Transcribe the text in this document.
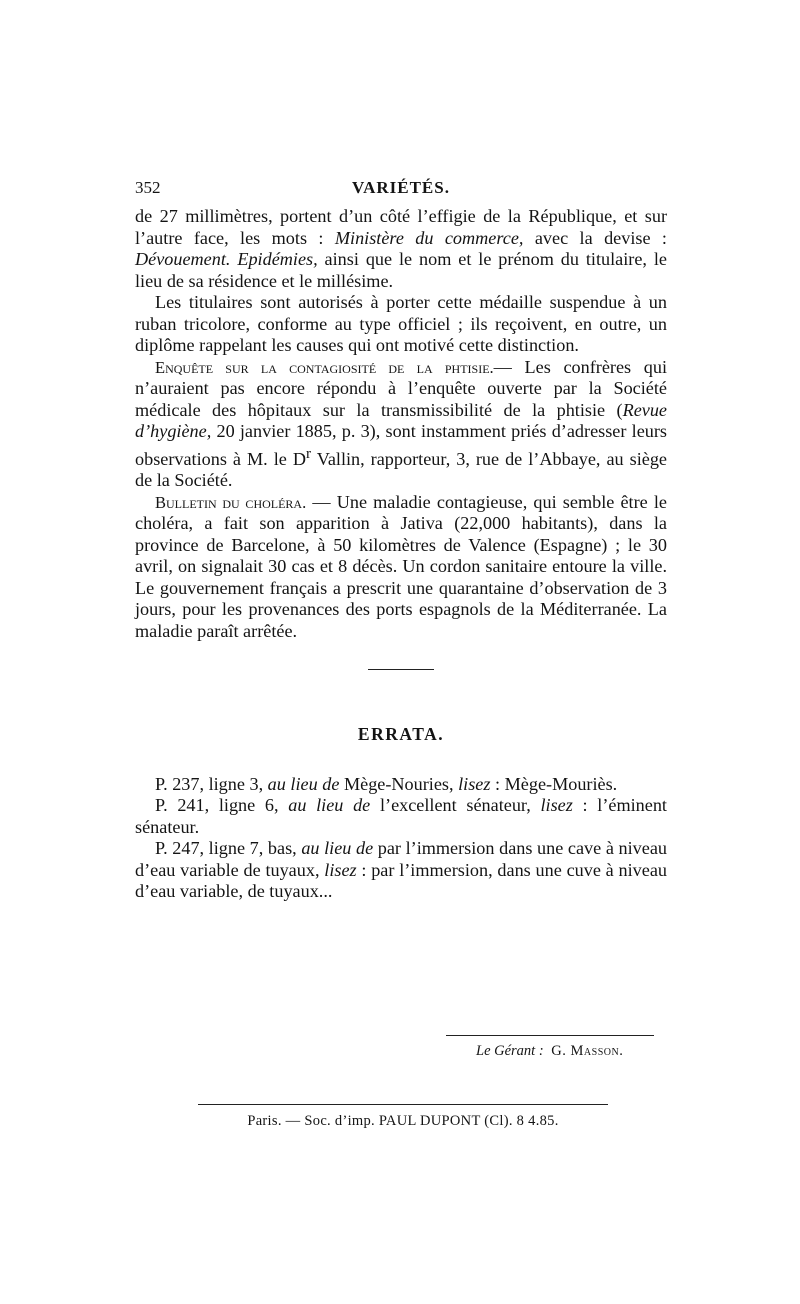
352	VARIÉTÉS.

de 27 millimètres, portent d’un côté l’effigie de la République, et sur l’autre face, les mots : Ministère du commerce, avec la devise : Dévouement. Epidémies, ainsi que le nom et le prénom du titulaire, le lieu de sa résidence et le millésime.

Les titulaires sont autorisés à porter cette médaille suspendue à un ruban tricolore, conforme au type officiel ; ils reçoivent, en outre, un diplôme rappelant les causes qui ont motivé cette distinction.

Enquête sur la contagiosité de la phtisie.— Les confrères qui n’auraient pas encore répondu à l’enquête ouverte par la Société médicale des hôpitaux sur la transmissibilité de la phtisie (Revue d’hygiène, 20 janvier 1885, p. 3), sont instamment priés d’adresser leurs observations à M. le $D^r$ Vallin, rapporteur, 3, rue de l’Abbaye, au siège de la Société.

Bulletin du choléra. — Une maladie contagieuse, qui semble être le choléra, a fait son apparition à Jativa (22,000 habitants), dans la province de Barcelone, à 50 kilomètres de Valence (Espagne) ; le 30 avril, on signalait 30 cas et 8 décès. Un cordon sanitaire entoure la ville. Le gouvernement français a prescrit une quarantaine d’observation de 3 jours, pour les provenances des ports espagnols de la Méditerranée. La maladie paraît arrêtée.

ERRATA.

P. 237, ligne 3, au lieu de Mège-Nouries, lisez : Mège-Mouriès.

P. 241, ligne 6, au lieu de l’excellent sénateur, lisez : l’éminent sénateur.

P. 247, ligne 7, bas, au lieu de par l’immersion dans une cave à niveau d’eau variable de tuyaux, lisez : par l’immersion, dans une cuve à niveau d’eau variable, de tuyaux...

Le Gérant : G. Masson.
Paris. — Soc. d’imp. PAUL DUPONT (Cl). 8 4.85.
